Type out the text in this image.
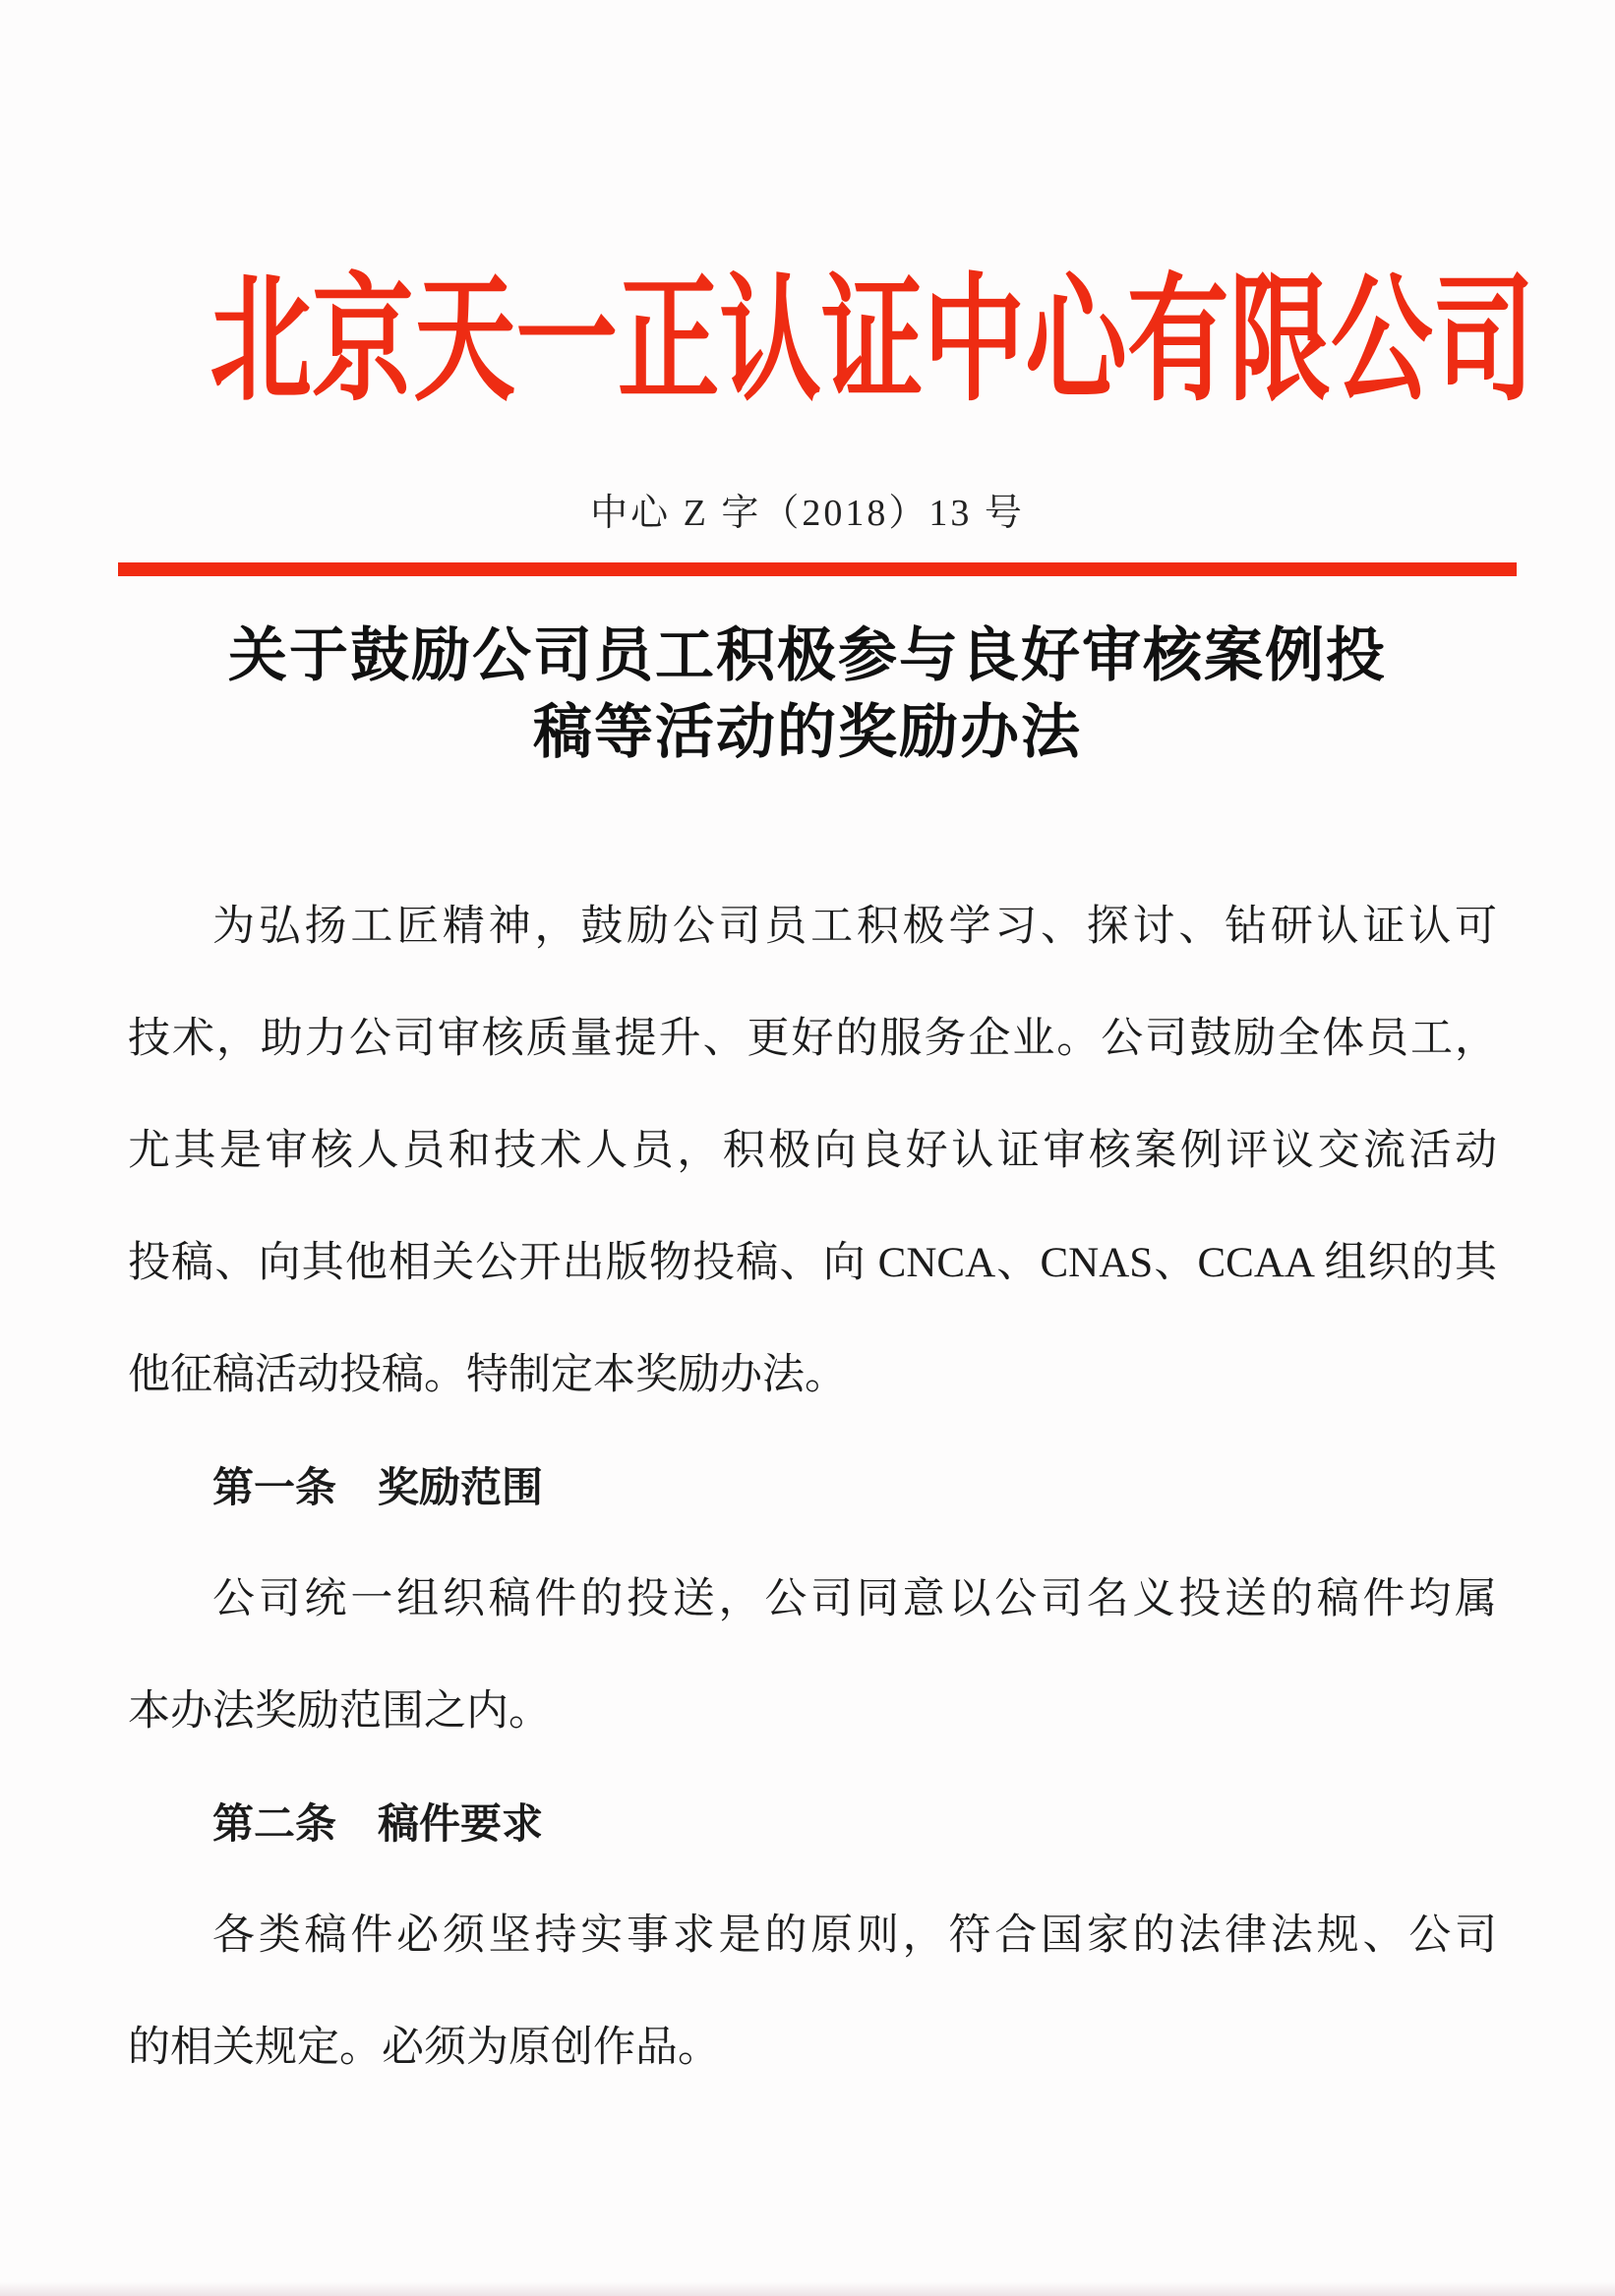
北京天一正认证中心有限公司
中心 Z 字（2018）13 号
关于鼓励公司员工积极参与良好审核案例投
稿等活动的奖励办法

为弘扬工匠精神，鼓励公司员工积极学习、探讨、钻研认证认可

技术，助力公司审核质量提升、更好的服务企业。公司鼓励全体员工，

尤其是审核人员和技术人员，积极向良好认证审核案例评议交流活动

投稿、向其他相关公开出版物投稿、向 CNCA、CNAS、CCAA 组织的其

他征稿活动投稿。特制定本奖励办法。

第一条　奖励范围

公司统一组织稿件的投送，公司同意以公司名义投送的稿件均属

本办法奖励范围之内。

第二条　稿件要求

各类稿件必须坚持实事求是的原则，符合国家的法律法规、公司

的相关规定。必须为原创作品。
